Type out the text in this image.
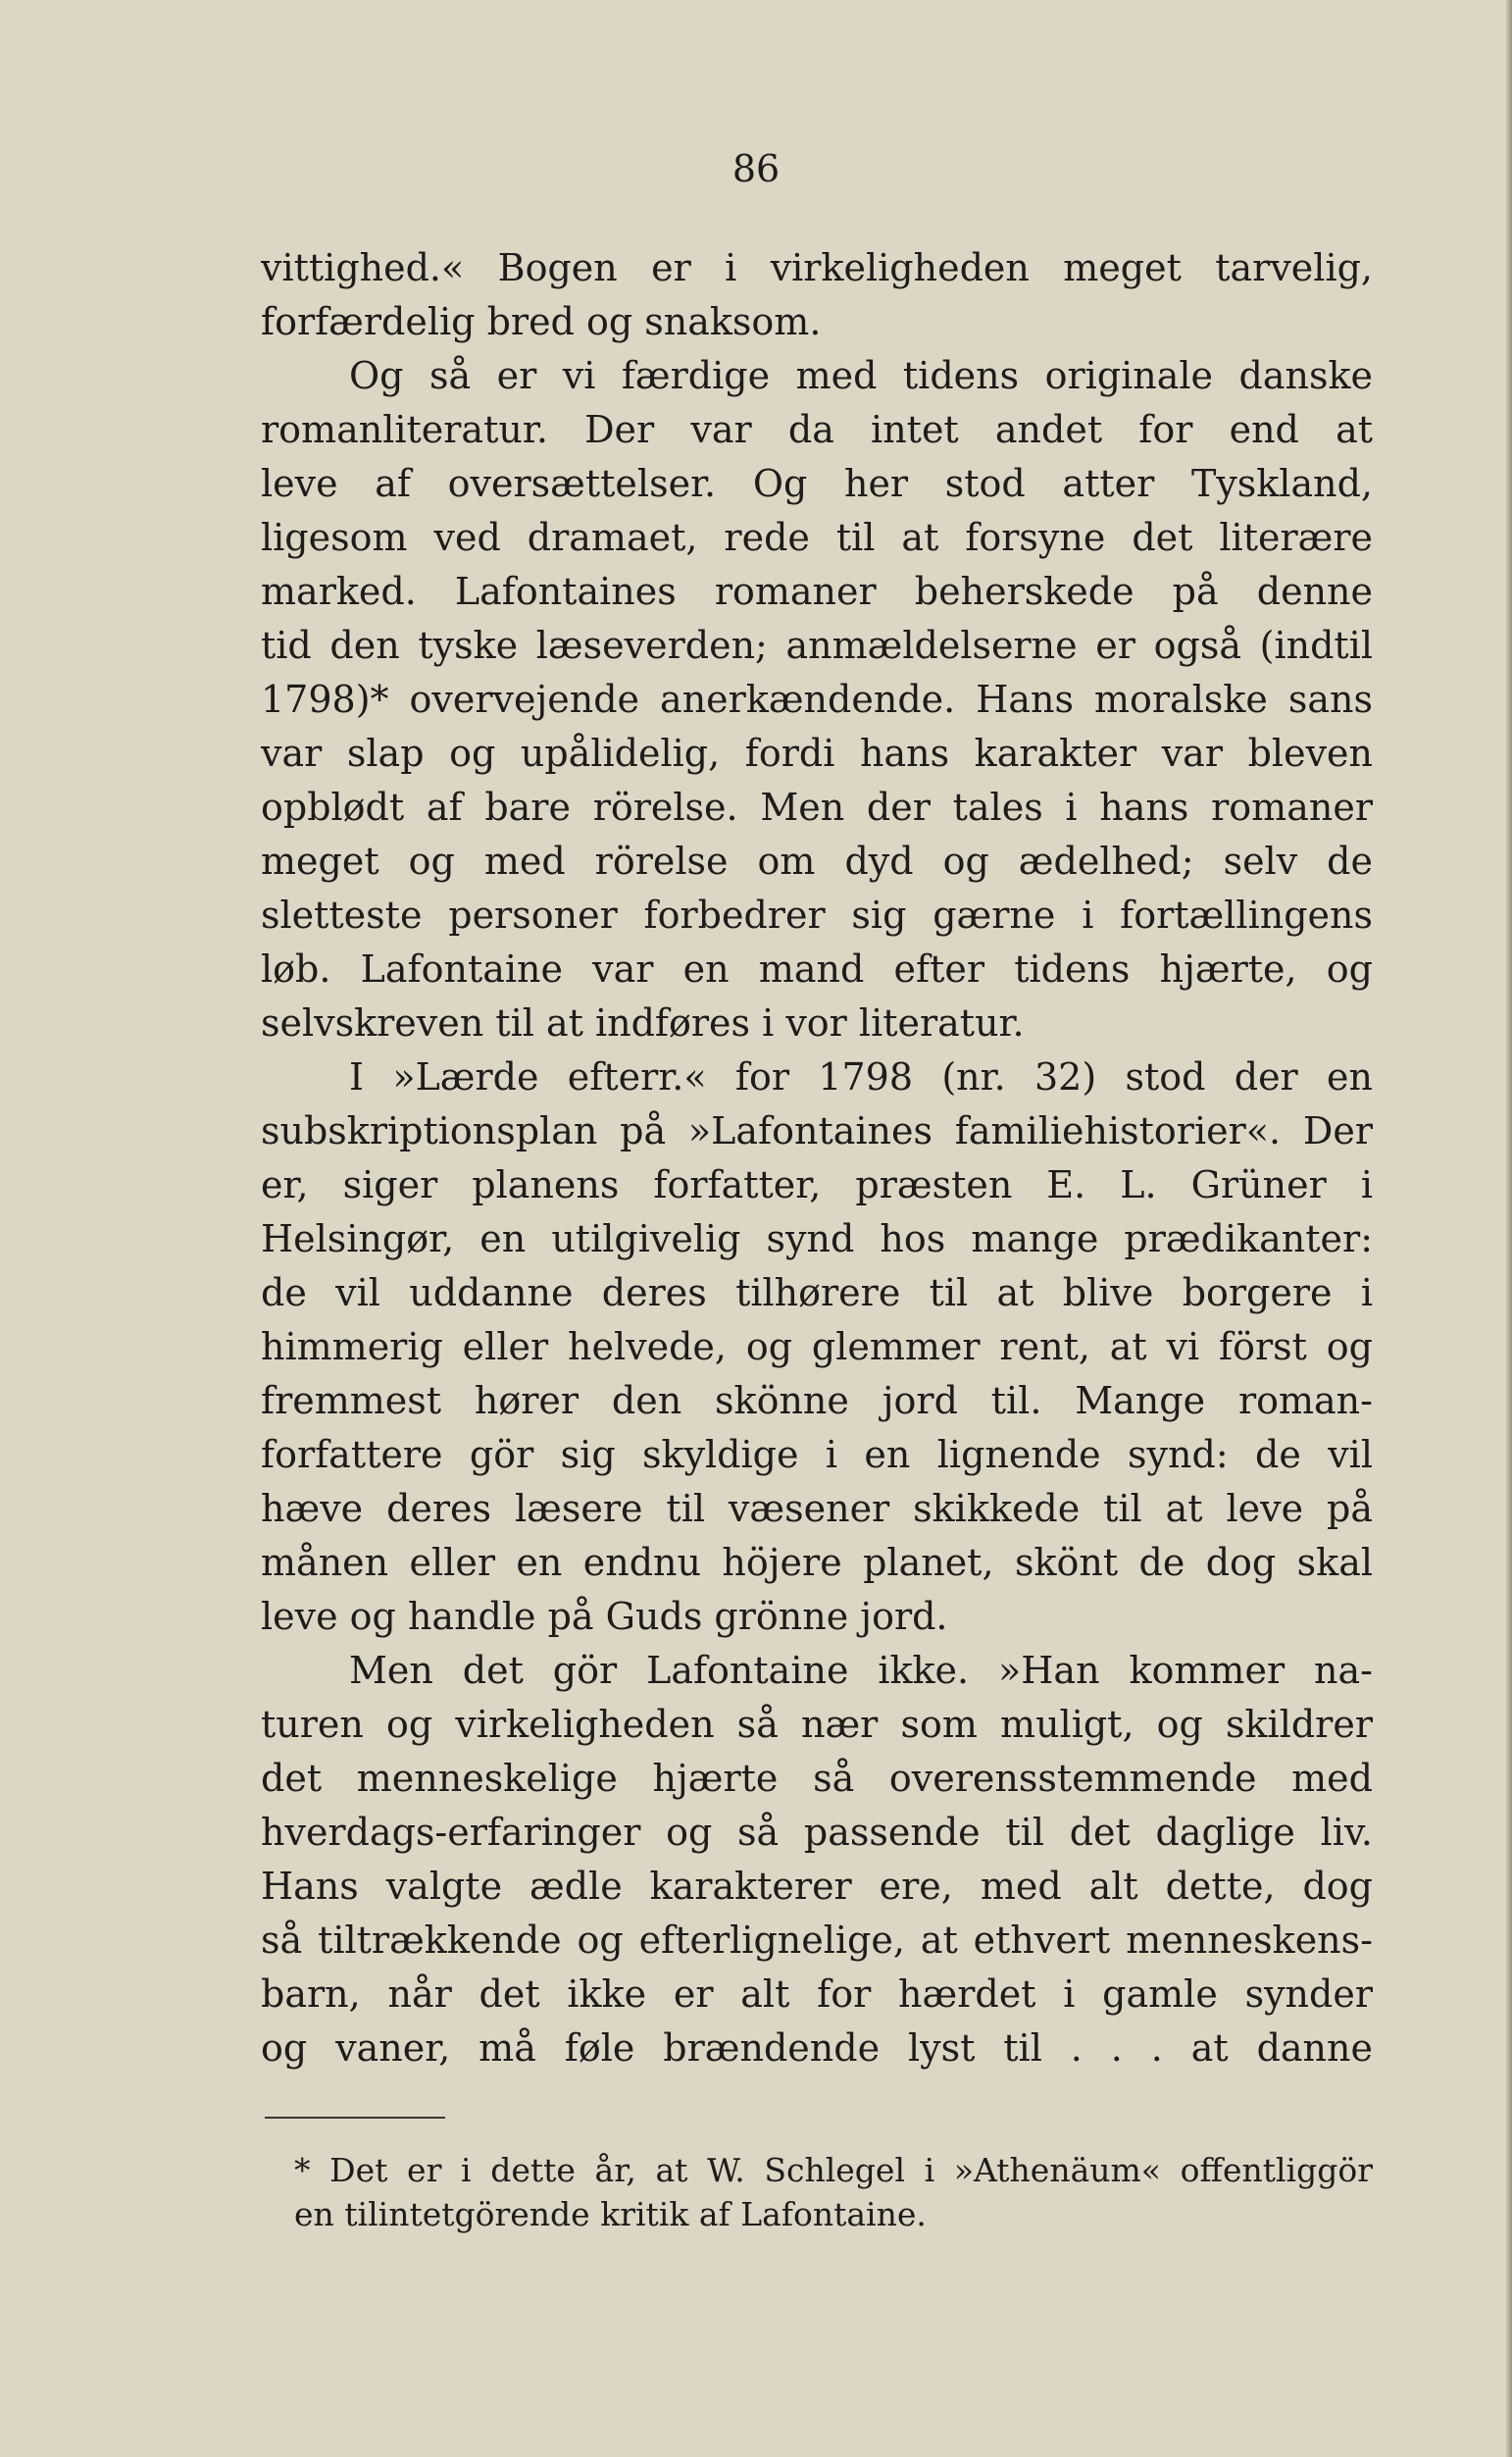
86
vittighed.« Bogen er i virkeligheden meget tarvelig,
forfærdelig bred og snaksom.
Og så er vi færdige med tidens originale danske
romanliteratur. Der var da intet andet for end at
leve af oversættelser. Og her stod atter Tyskland,
ligesom ved dramaet, rede til at forsyne det literære
marked. Lafontaines romaner beherskede på denne
tid den tyske læseverden; anmældelserne er også (indtil
1798)* overvejende anerkændende. Hans moralske sans
var slap og upålidelig, fordi hans karakter var bleven
opblødt af bare rörelse. Men der tales i hans romaner
meget og med rörelse om dyd og ædelhed; selv de
sletteste personer forbedrer sig gærne i fortællingens
løb. Lafontaine var en mand efter tidens hjærte, og
selvskreven til at indføres i vor literatur.
I »Lærde efterr.« for 1798 (nr. 32) stod der en
subskriptionsplan på »Lafontaines familiehistorier«. Der
er, siger planens forfatter, præsten E. L. Grüner i
Helsingør, en utilgivelig synd hos mange prædikanter:
de vil uddanne deres tilhørere til at blive borgere i
himmerig eller helvede, og glemmer rent, at vi först og
fremmest hører den skönne jord til. Mange roman-
forfattere gör sig skyldige i en lignende synd: de vil
hæve deres læsere til væsener skikkede til at leve på
månen eller en endnu höjere planet, skönt de dog skal
leve og handle på Guds grönne jord.
Men det gör Lafontaine ikke. »Han kommer na-
turen og virkeligheden så nær som muligt, og skildrer
det menneskelige hjærte så overensstemmende med
hverdags-erfaringer og så passende til det daglige liv.
Hans valgte ædle karakterer ere, med alt dette, dog
så tiltrækkende og efterlignelige, at ethvert menneskens-
barn, når det ikke er alt for hærdet i gamle synder
og vaner, må føle brændende lyst til . . . at danne
* Det er i dette år, at W. Schlegel i »Athenäum« offentliggör
en tilintetgörende kritik af Lafontaine.
